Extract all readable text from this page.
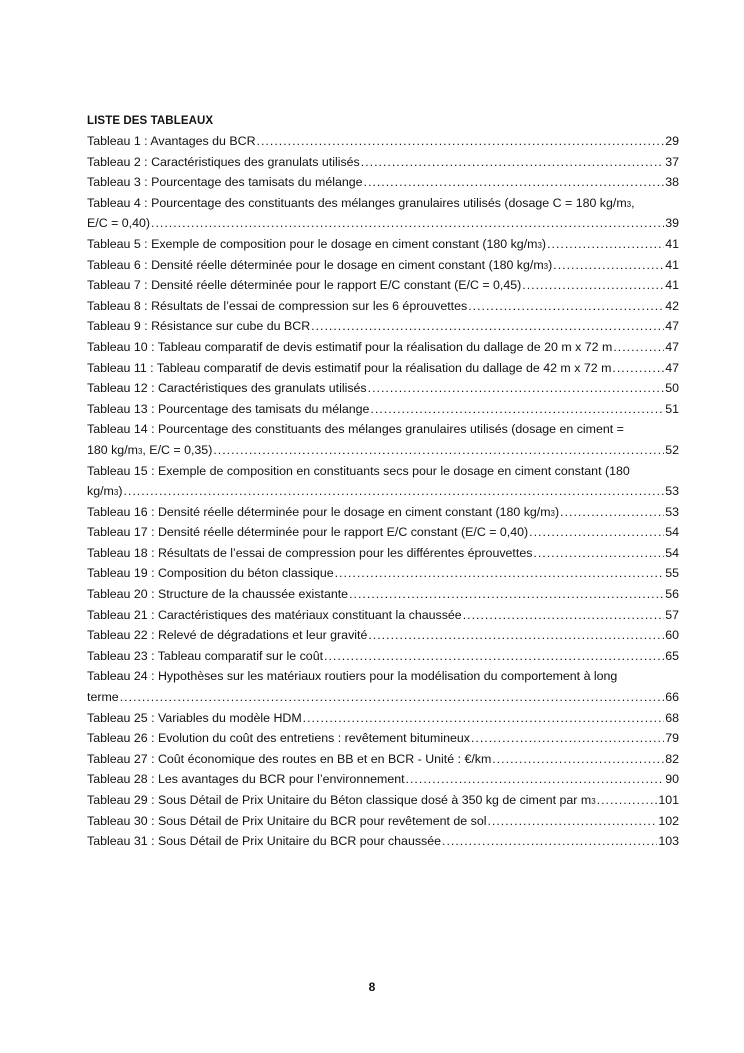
LISTE DES TABLEAUX
Tableau 1 : Avantages du BCR .....	29
Tableau 2 : Caractéristiques des granulats utilisés .....	37
Tableau 3 : Pourcentage des tamisats du mélange .....	38
Tableau 4 : Pourcentage des constituants des mélanges granulaires utilisés (dosage C = 180 kg/m 3 ,
E/C = 0,40) .....	39
Tableau 5 : Exemple de composition pour le dosage en ciment constant (180 kg/m 3 ) .....	41
Tableau 6 : Densité réelle déterminée pour le dosage en ciment constant (180 kg/m 3 ) .....	41
Tableau 7 : Densité réelle déterminée pour le rapport E/C constant (E/C = 0,45) .....	41
Tableau 8 : Résultats de l’essai de compression sur les 6 éprouvettes .....	42
Tableau 9 : Résistance sur cube du BCR .....	47
Tableau 10 : Tableau comparatif de devis estimatif pour la réalisation du dallage de 20 m x 72 m .....	47
Tableau 11 : Tableau comparatif de devis estimatif pour la réalisation du dallage de 42 m x 72 m .....	47
Tableau 12 : Caractéristiques des granulats utilisés .....	50
Tableau 13 : Pourcentage des tamisats du mélange .....	51
Tableau 14 : Pourcentage des constituants des mélanges granulaires utilisés (dosage en ciment =
180 kg/m 3 , E/C = 0,35) .....	52
Tableau 15 : Exemple de composition en constituants secs pour le dosage en ciment constant (180
kg/m 3 ) .....	53
Tableau 16 : Densité réelle déterminée pour le dosage en ciment constant (180 kg/m 3 ) .....	53
Tableau 17 : Densité réelle déterminée pour le rapport E/C constant (E/C = 0,40) .....	54
Tableau 18 : Résultats de l’essai de compression pour les différentes éprouvettes .....	54
Tableau 19 : Composition du béton classique .....	55
Tableau 20 : Structure de la chaussée existante .....	56
Tableau 21 : Caractéristiques des matériaux constituant la chaussée .....	57
Tableau 22 : Relevé de dégradations et leur gravité .....	60
Tableau 23 : Tableau comparatif sur le coût .....	65
Tableau 24 : Hypothèses sur les matériaux routiers pour la modélisation du comportement à long
terme .....	66
Tableau 25 : Variables du modèle HDM .....	68
Tableau 26 : Evolution du coût des entretiens : revêtement bitumineux .....	79
Tableau 27 : Coût économique des routes en BB et en BCR - Unité : €/km .....	82
Tableau 28 : Les avantages du BCR pour l’environnement .....	90
Tableau 29 : Sous Détail de Prix Unitaire du Béton classique dosé à 350 kg de ciment par m 3 .....	101
Tableau 30 : Sous Détail de Prix Unitaire du BCR pour revêtement de sol .....	102
Tableau 31 : Sous Détail de Prix Unitaire du BCR pour chaussée .....	103
8
